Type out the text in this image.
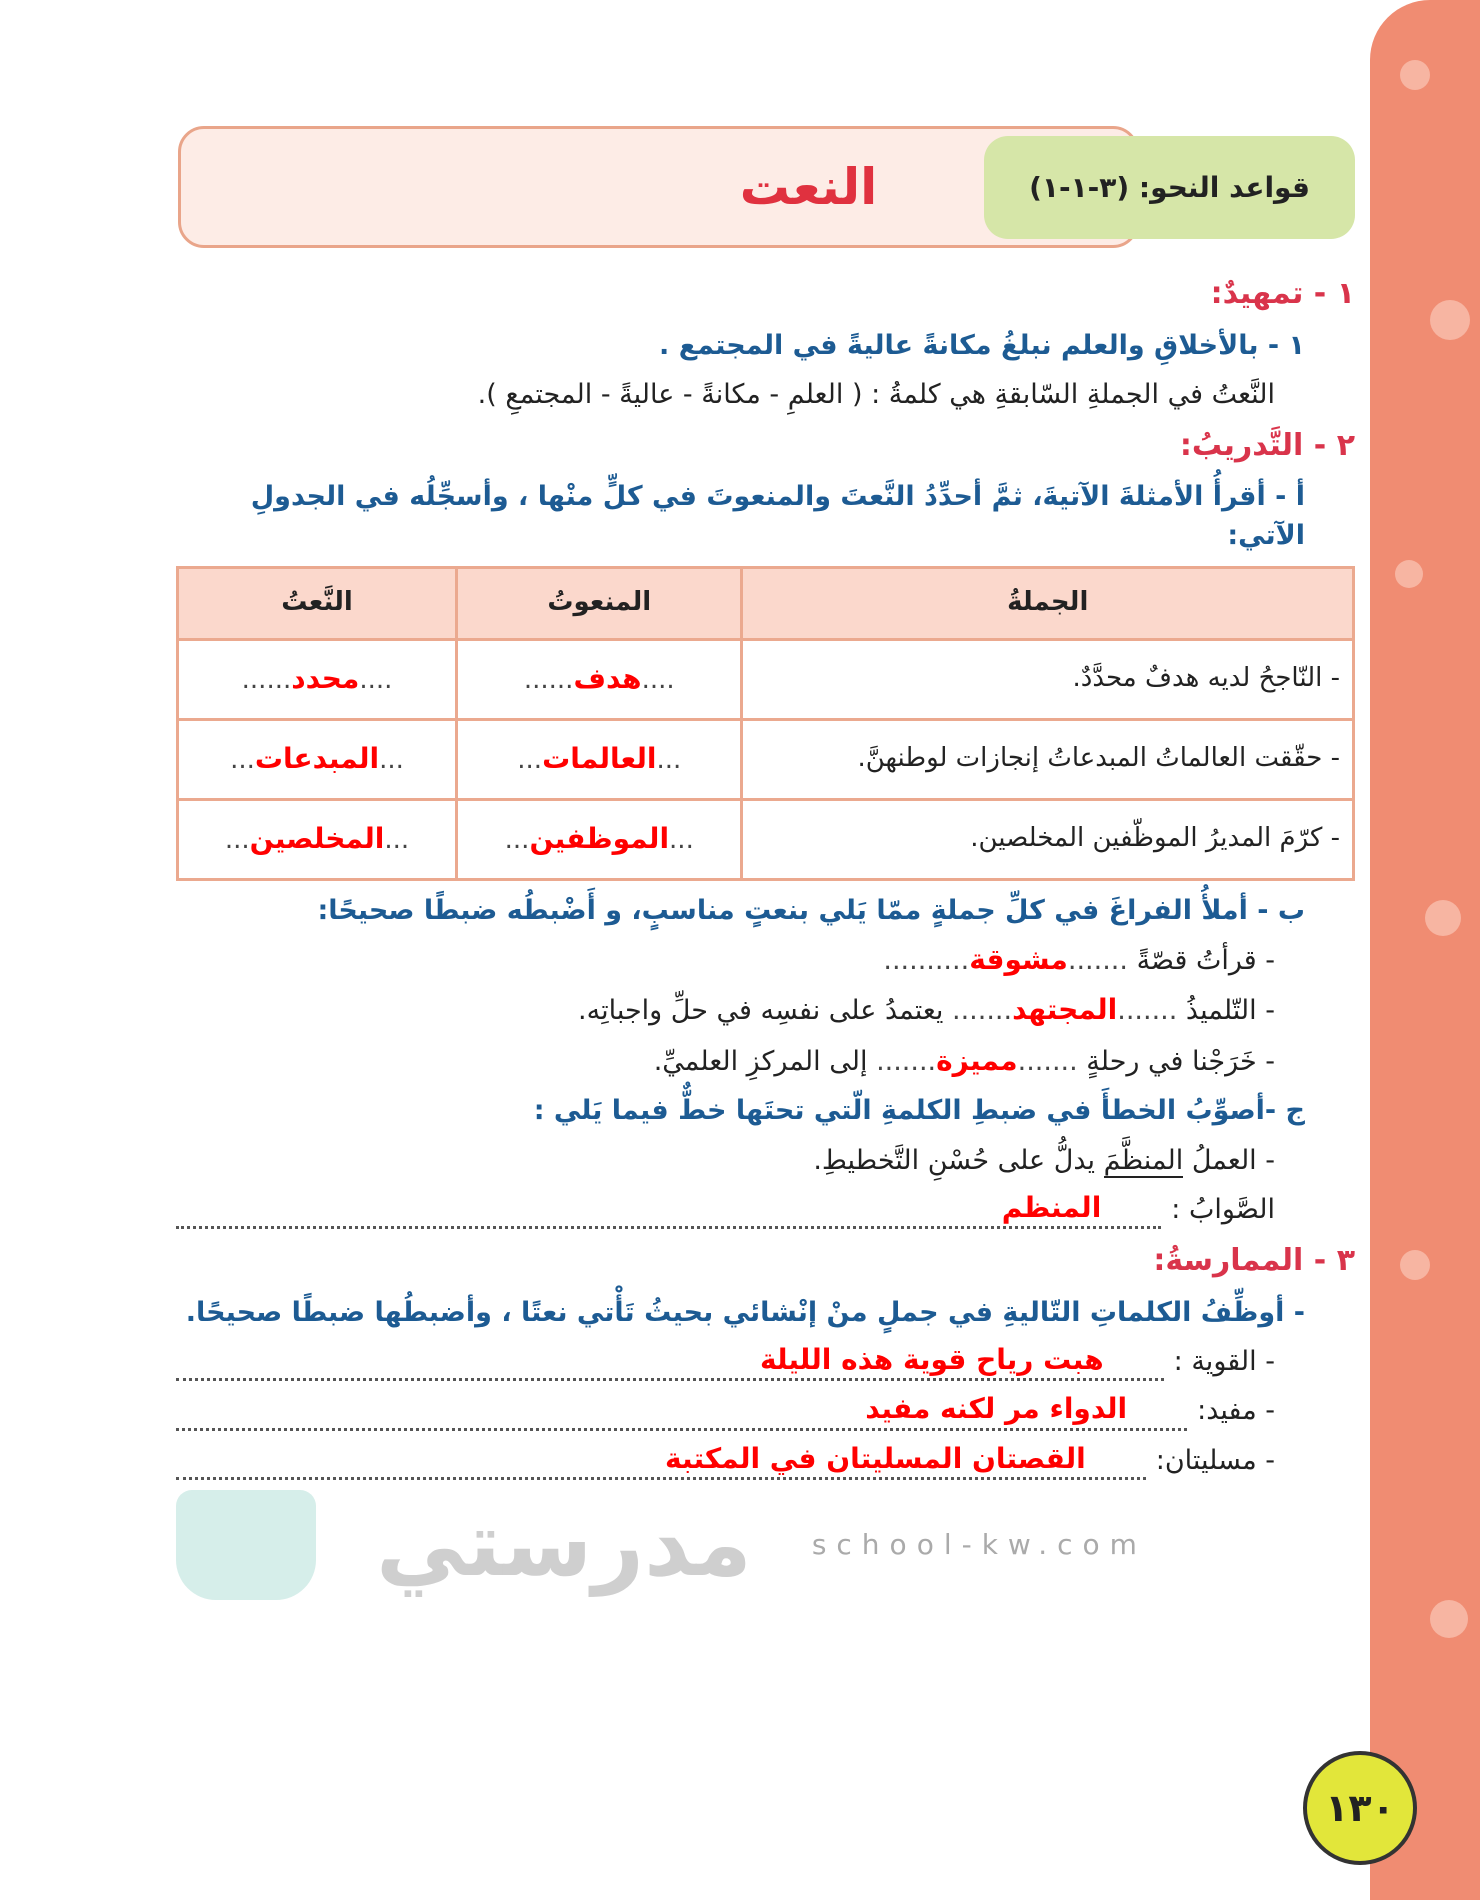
النعت	قواعد النحو: (٣-١-١)
١ - تمهيدٌ:
١ - بالأخلاقِ والعلم نبلغُ مكانةً عاليةً في المجتمع .
النَّعتُ في الجملةِ السّابقةِ هي كلمةُ : ( العلمِ - مكانةً - عاليةً - المجتمعِ ).
٢ - التَّدريبُ:
أ - أقرأُ الأمثلةَ الآتيةَ، ثمَّ أحدِّدُ النَّعتَ والمنعوتَ في كلٍّ منْها ، وأسجِّلُه في الجدولِ الآتي:
الجملةُ	المنعوتُ	النَّعتُ
- النّاجحُ لديه هدفٌ محدَّدٌ.	....هدف......	....محدد......
- حقّقت العالماتُ المبدعاتُ إنجازات لوطنهنَّ.	...العالمات...	...المبدعات...
- كرّمَ المديرُ الموظّفين المخلصين.	...الموظفين...	...المخلصين...
ب - أملأُ الفراغَ في كلِّ جملةٍ ممّا يَلي بنعتٍ مناسبٍ، و أَضْبطُه ضبطًا صحيحًا:
- قرأتُ قصّةً .......مشوقة..........
- التّلميذُ .......المجتهد....... يعتمدُ على نفسِه في حلِّ واجباتِه.
- خَرَجْنا في رحلةٍ .......مميزة....... إلى المركزِ العلميِّ.
ج -أصوِّبُ الخطأَ في ضبطِ الكلمةِ الّتي تحتَها خطٌّ فيما يَلي :
- العملُ المنظَّمَ يدلُّ على حُسْنِ التَّخطيطِ.
الصَّوابُ :
المنظم
٣ - الممارسةُ:
- أوظِّفُ الكلماتِ التّاليةِ في جملٍ منْ إنْشائي بحيثُ تَأْتي نعتًا ، وأضبطُها ضبطًا صحيحًا.
- القوية :
هبت رياح قوية هذه الليلة
- مفيد:
الدواء مر لكنه مفيد
- مسليتان:
القصتان المسليتان في المكتبة
مدرستي school-kw.com
١٣٠
